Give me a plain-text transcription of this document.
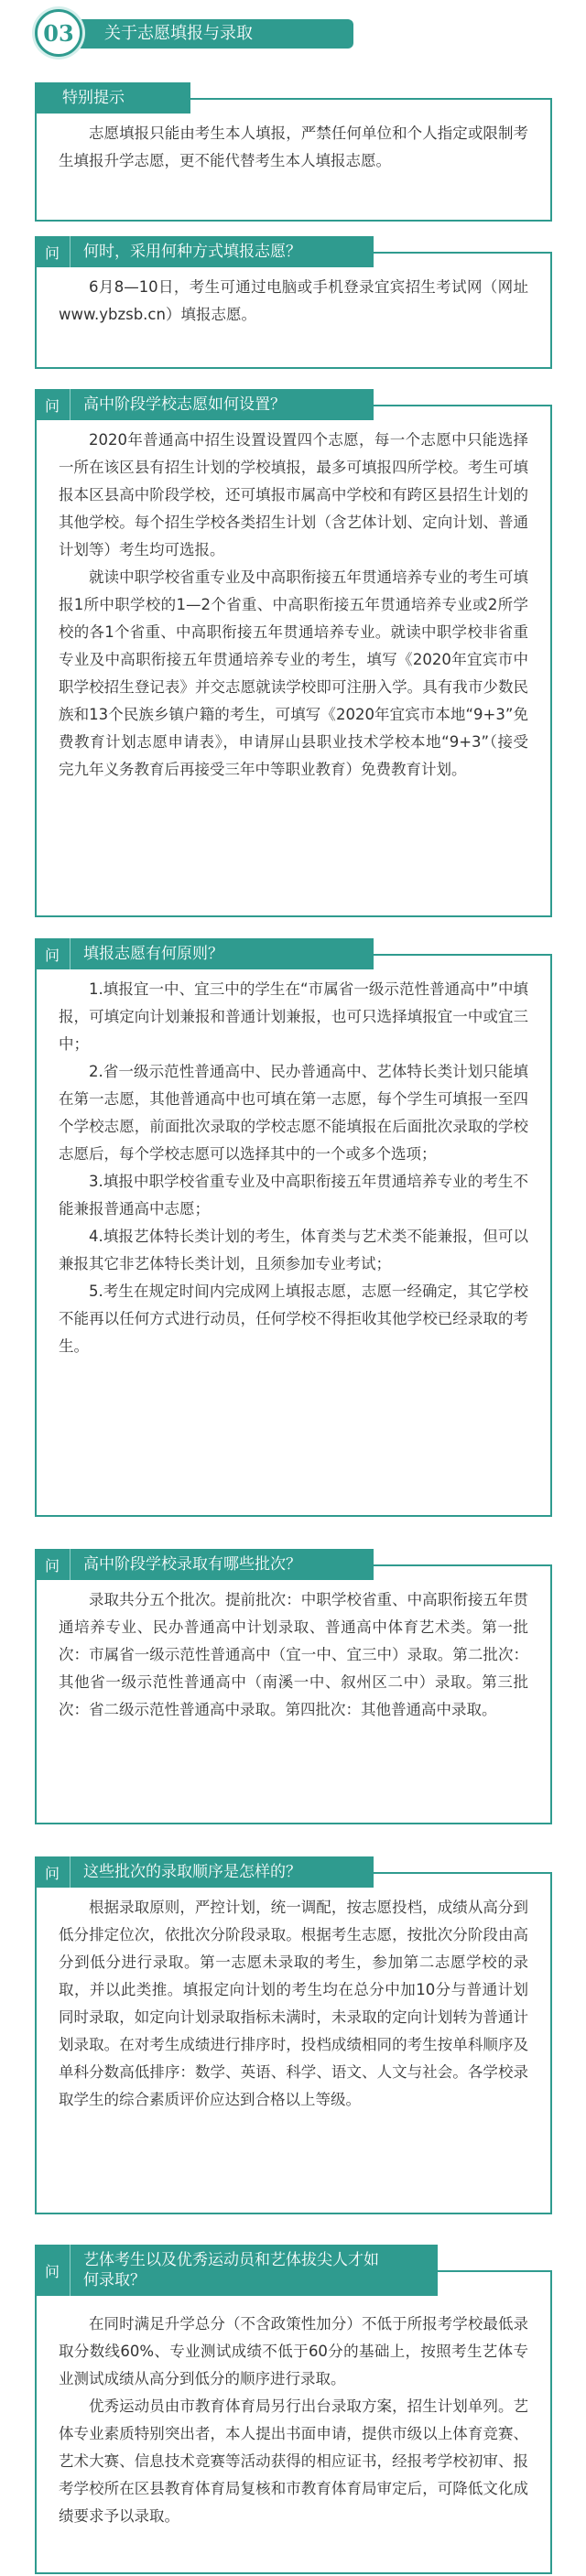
03	关于志愿填报与录取

志愿填报只能由考生本人填报，严禁任何单位和个人指定或限制考生填报升学志愿，更不能代替考生本人填报志愿。

特别提示

6月8—10日，考生可通过电脑或手机登录宜宾招生考试网（网址www.ybzsb.cn）填报志愿。

问	何时，采用何种方式填报志愿？

2020年普通高中招生设置设置四个志愿，每一个志愿中只能选择一所在该区县有招生计划的学校填报，最多可填报四所学校。考生可填报本区县高中阶段学校，还可填报市属高中学校和有跨区县招生计划的其他学校。每个招生学校各类招生计划（含艺体计划、定向计划、普通计划等）考生均可选报。

就读中职学校省重专业及中高职衔接五年贯通培养专业的考生可填报1所中职学校的1—2个省重、中高职衔接五年贯通培养专业或2所学校的各1个省重、中高职衔接五年贯通培养专业。就读中职学校非省重专业及中高职衔接五年贯通培养专业的考生，填写《2020年宜宾市中职学校招生登记表》并交志愿就读学校即可注册入学。具有我市少数民族和13个民族乡镇户籍的考生，可填写《2020年宜宾市本地“9+3”免费教育计划志愿申请表》，申请屏山县职业技术学校本地“9+3”（接受完九年义务教育后再接受三年中等职业教育）免费教育计划。

问	高中阶段学校志愿如何设置？

1.填报宜一中、宜三中的学生在“市属省一级示范性普通高中”中填报，可填定向计划兼报和普通计划兼报，也可只选择填报宜一中或宜三中；

2.省一级示范性普通高中、民办普通高中、艺体特长类计划只能填在第一志愿，其他普通高中也可填在第一志愿，每个学生可填报一至四个学校志愿，前面批次录取的学校志愿不能填报在后面批次录取的学校志愿后，每个学校志愿可以选择其中的一个或多个选项；

3.填报中职学校省重专业及中高职衔接五年贯通培养专业的考生不能兼报普通高中志愿；

4.填报艺体特长类计划的考生，体育类与艺术类不能兼报，但可以兼报其它非艺体特长类计划，且须参加专业考试；

5.考生在规定时间内完成网上填报志愿，志愿一经确定，其它学校不能再以任何方式进行动员，任何学校不得拒收其他学校已经录取的考生。

问	填报志愿有何原则？

录取共分五个批次。提前批次：中职学校省重、中高职衔接五年贯通培养专业、民办普通高中计划录取、普通高中体育艺术类。第一批次：市属省一级示范性普通高中（宜一中、宜三中）录取。第二批次：其他省一级示范性普通高中（南溪一中、叙州区二中）录取。第三批次：省二级示范性普通高中录取。第四批次：其他普通高中录取。

问	高中阶段学校录取有哪些批次？

根据录取原则，严控计划，统一调配，按志愿投档，成绩从高分到低分排定位次，依批次分阶段录取。根据考生志愿，按批次分阶段由高分到低分进行录取。第一志愿未录取的考生，参加第二志愿学校的录取，并以此类推。填报定向计划的考生均在总分中加10分与普通计划同时录取，如定向计划录取指标未满时，未录取的定向计划转为普通计划录取。在对考生成绩进行排序时，投档成绩相同的考生按单科顺序及单科分数高低排序：数学、英语、科学、语文、人文与社会。各学校录取学生的综合素质评价应达到合格以上等级。

问	这些批次的录取顺序是怎样的？

在同时满足升学总分（不含政策性加分）不低于所报考学校最低录取分数线60%、专业测试成绩不低于60分的基础上，按照考生艺体专业测试成绩从高分到低分的顺序进行录取。

优秀运动员由市教育体育局另行出台录取方案，招生计划单列。艺体专业素质特别突出者，本人提出书面申请，提供市级以上体育竞赛、艺术大赛、信息技术竞赛等活动获得的相应证书，经报考学校初审、报考学校所在区县教育体育局复核和市教育体育局审定后，可降低文化成绩要求予以录取。

问
艺体考生以及优秀运动员和艺体拔尖人才如何录取？
